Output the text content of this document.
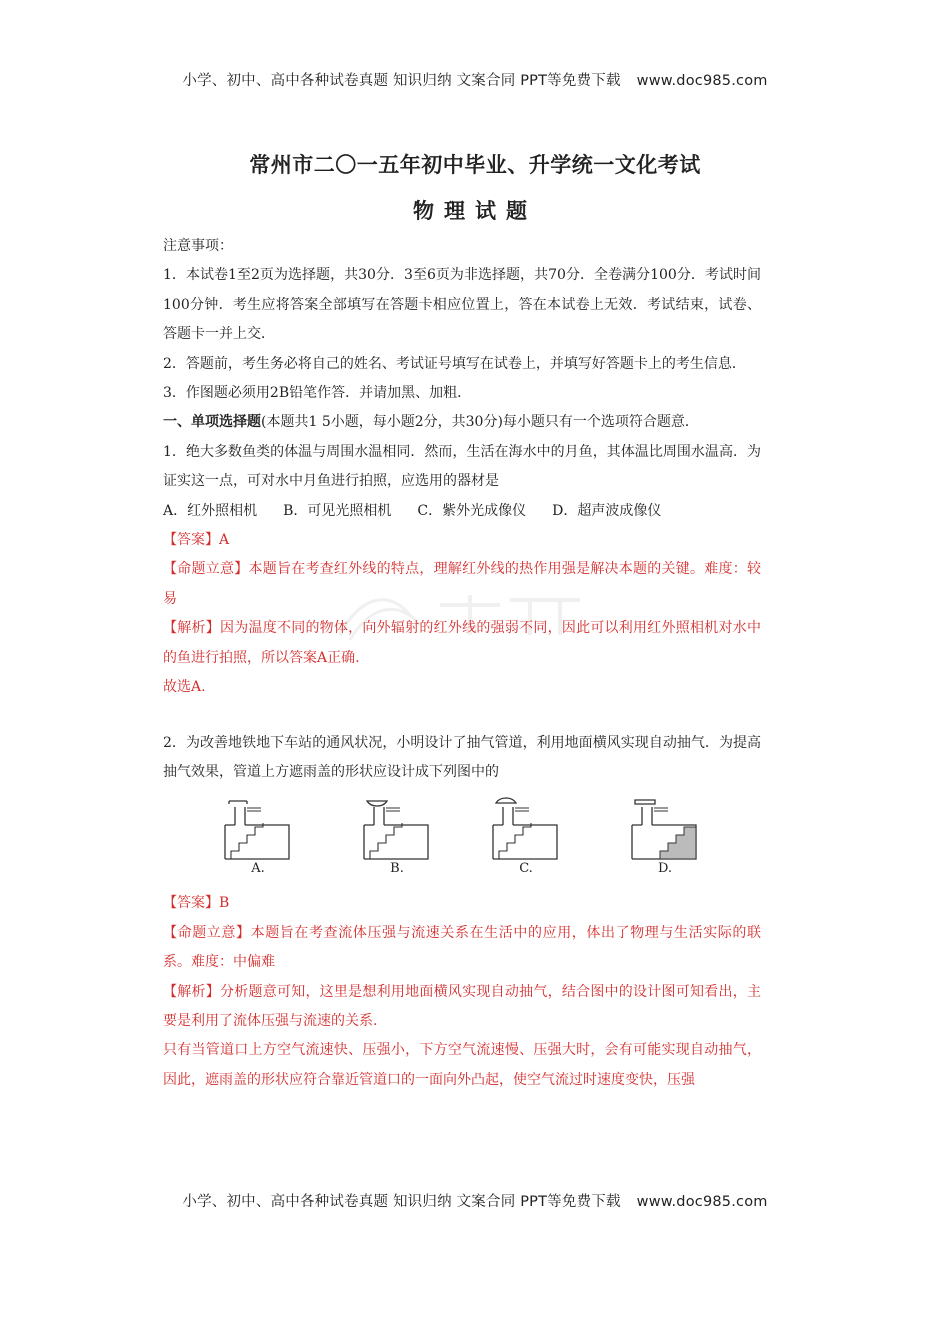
小学、初中、高中各种试卷真题 知识归纳 文案合同 PPT等免费下载 www.doc985.com
常州市二〇一五年初中毕业、升学统一文化考试
物理试题

注意事项：

1．本试卷1至2页为选择题，共30分．3至6页为非选择题，共70分．全卷满分100分．考试时间100分钟．考生应将答案全部填写在答题卡相应位置上，答在本试卷上无效．考试结束，试卷、答题卡一并上交．

2．答题前，考生务必将自己的姓名、考试证号填写在试卷上，并填写好答题卡上的考生信息．

3．作图题必须用2B铅笔作答．并请加黑、加粗．

一、单项选择题(本题共1 5小题，每小题2分，共30分)每小题只有一个选项符合题意．

1．绝大多数鱼类的体温与周围水温相同．然而，生活在海水中的月鱼，其体温比周围水温高．为证实这一点，可对水中月鱼进行拍照，应选用的器材是

A．红外照相机 B．可见光照相机 C．紫外光成像仪 D．超声波成像仪

【答案】A

【命题立意】本题旨在考查红外线的特点，理解红外线的热作用强是解决本题的关键。难度：较易

【解析】因为温度不同的物体，向外辐射的红外线的强弱不同，因此可以利用红外照相机对水中的鱼进行拍照，所以答案A正确.

故选A.

2．为改善地铁地下车站的通风状况，小明设计了抽气管道，利用地面横风实现自动抽气．为提高抽气效果，管道上方遮雨盖的形状应设计成下列图中的

A.	B.	C.	D.

【答案】B

【命题立意】本题旨在考查流体压强与流速关系在生活中的应用，体出了物理与生活实际的联系。难度：中偏难

【解析】分析题意可知，这里是想利用地面横风实现自动抽气，结合图中的设计图可知看出，主要是利用了流体压强与流速的关系.

只有当管道口上方空气流速快、压强小，下方空气流速慢、压强大时，会有可能实现自动抽气，因此，遮雨盖的形状应符合靠近管道口的一面向外凸起，使空气流过时速度变快，压强

小学、初中、高中各种试卷真题 知识归纳 文案合同 PPT等免费下载 www.doc985.com
